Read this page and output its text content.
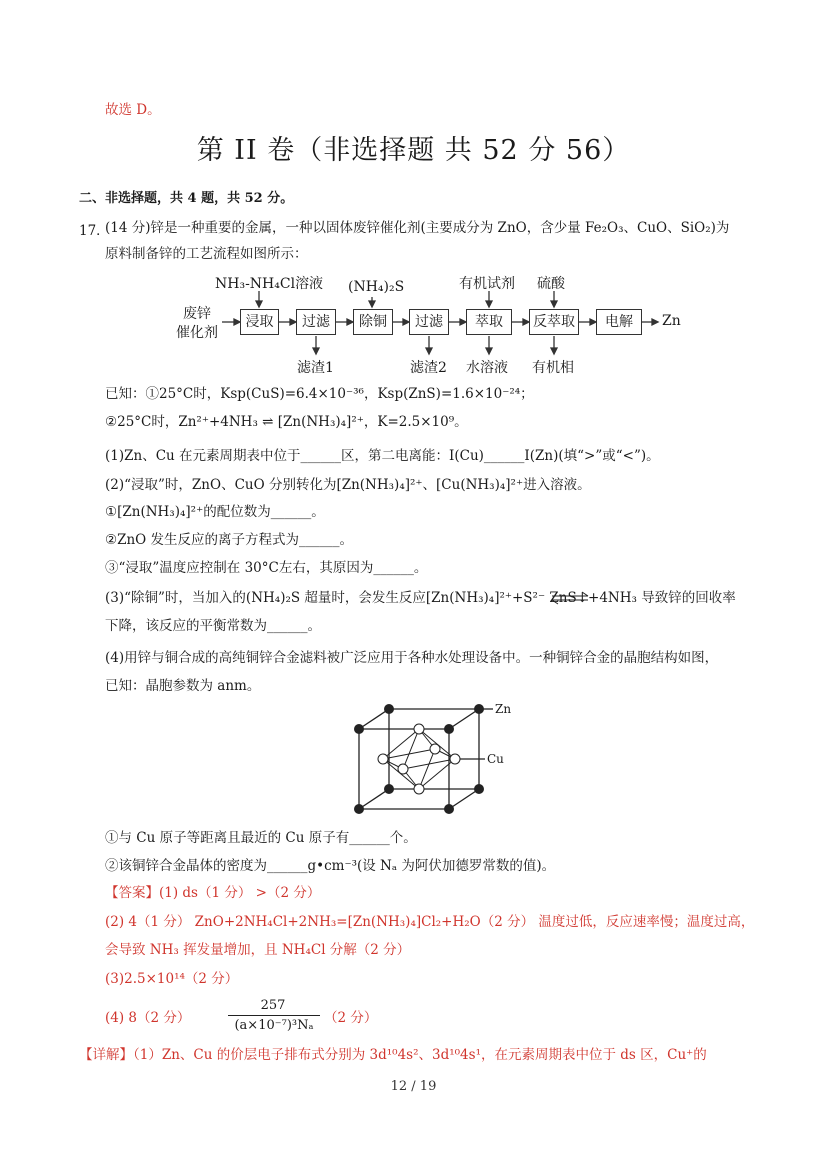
故选 D。
第 II 卷（非选择题 共 52 分 56）
二、非选择题，共 4 题，共 52 分。
17．
(14 分)锌是一种重要的金属，一种以固体废锌催化剂(主要成分为 ZnO，含少量 Fe₂O₃、CuO、SiO₂)为
原料制备锌的工艺流程如图所示：
废锌
催化剂
浸取	过滤	除铜	过滤	萃取	反萃取	电解	Zn
NH₃-NH₄Cl溶液 (NH₄)₂S	有机试剂 硫酸
滤渣1	滤渣2 水溶液 有机相
已知：①25°C时，Ksp(CuS)=6.4×10⁻³⁶，Ksp(ZnS)=1.6×10⁻²⁴；
②25°C时，Zn²⁺+4NH₃ ⇌ [Zn(NH₃)₄]²⁺，K=2.5×10⁹。
(1)Zn、Cu 在元素周期表中位于______区，第二电离能：I(Cu)______I(Zn)(填“>”或“<”)。
(2)“浸取”时，ZnO、CuO 分别转化为[Zn(NH₃)₄]²⁺、[Cu(NH₃)₄]²⁺进入溶液。
①[Zn(NH₃)₄]²⁺的配位数为______。
②ZnO 发生反应的离子方程式为______。
③“浸取”温度应控制在 30°C左右，其原因为______。
(3)“除铜”时，当加入的(NH₄)₂S 超量时，会发生反应[Zn(NH₃)₄]²⁺+S²⁻ ZnS↓+4NH₃ 导致锌的回收率
下降，该反应的平衡常数为______。
(4)用锌与铜合成的高纯铜锌合金滤料被广泛应用于各种水处理设备中。一种铜锌合金的晶胞结构如图，
已知：晶胞参数为 anm。
Zn
Cu
①与 Cu 原子等距离且最近的 Cu 原子有______个。
②该铜锌合金晶体的密度为______g•cm⁻³(设 Nₐ 为阿伏加德罗常数的值)。
【答案】(1) ds（1 分） >（2 分）
(2) 4（1 分） ZnO+2NH₄Cl+2NH₃=[Zn(NH₃)₄]Cl₂+H₂O（2 分） 温度过低，反应速率慢；温度过高，
会导致 NH₃ 挥发量增加，且 NH₄Cl 分解（2 分）
(3)2.5×10¹⁴（2 分）
(4) 8（2 分）
257
(a×10⁻⁷)³Nₐ （2 分）
【详解】（1）Zn、Cu 的价层电子排布式分别为 3d¹⁰4s²、3d¹⁰4s¹，在元素周期表中位于 ds 区，Cu⁺的
12 / 19
